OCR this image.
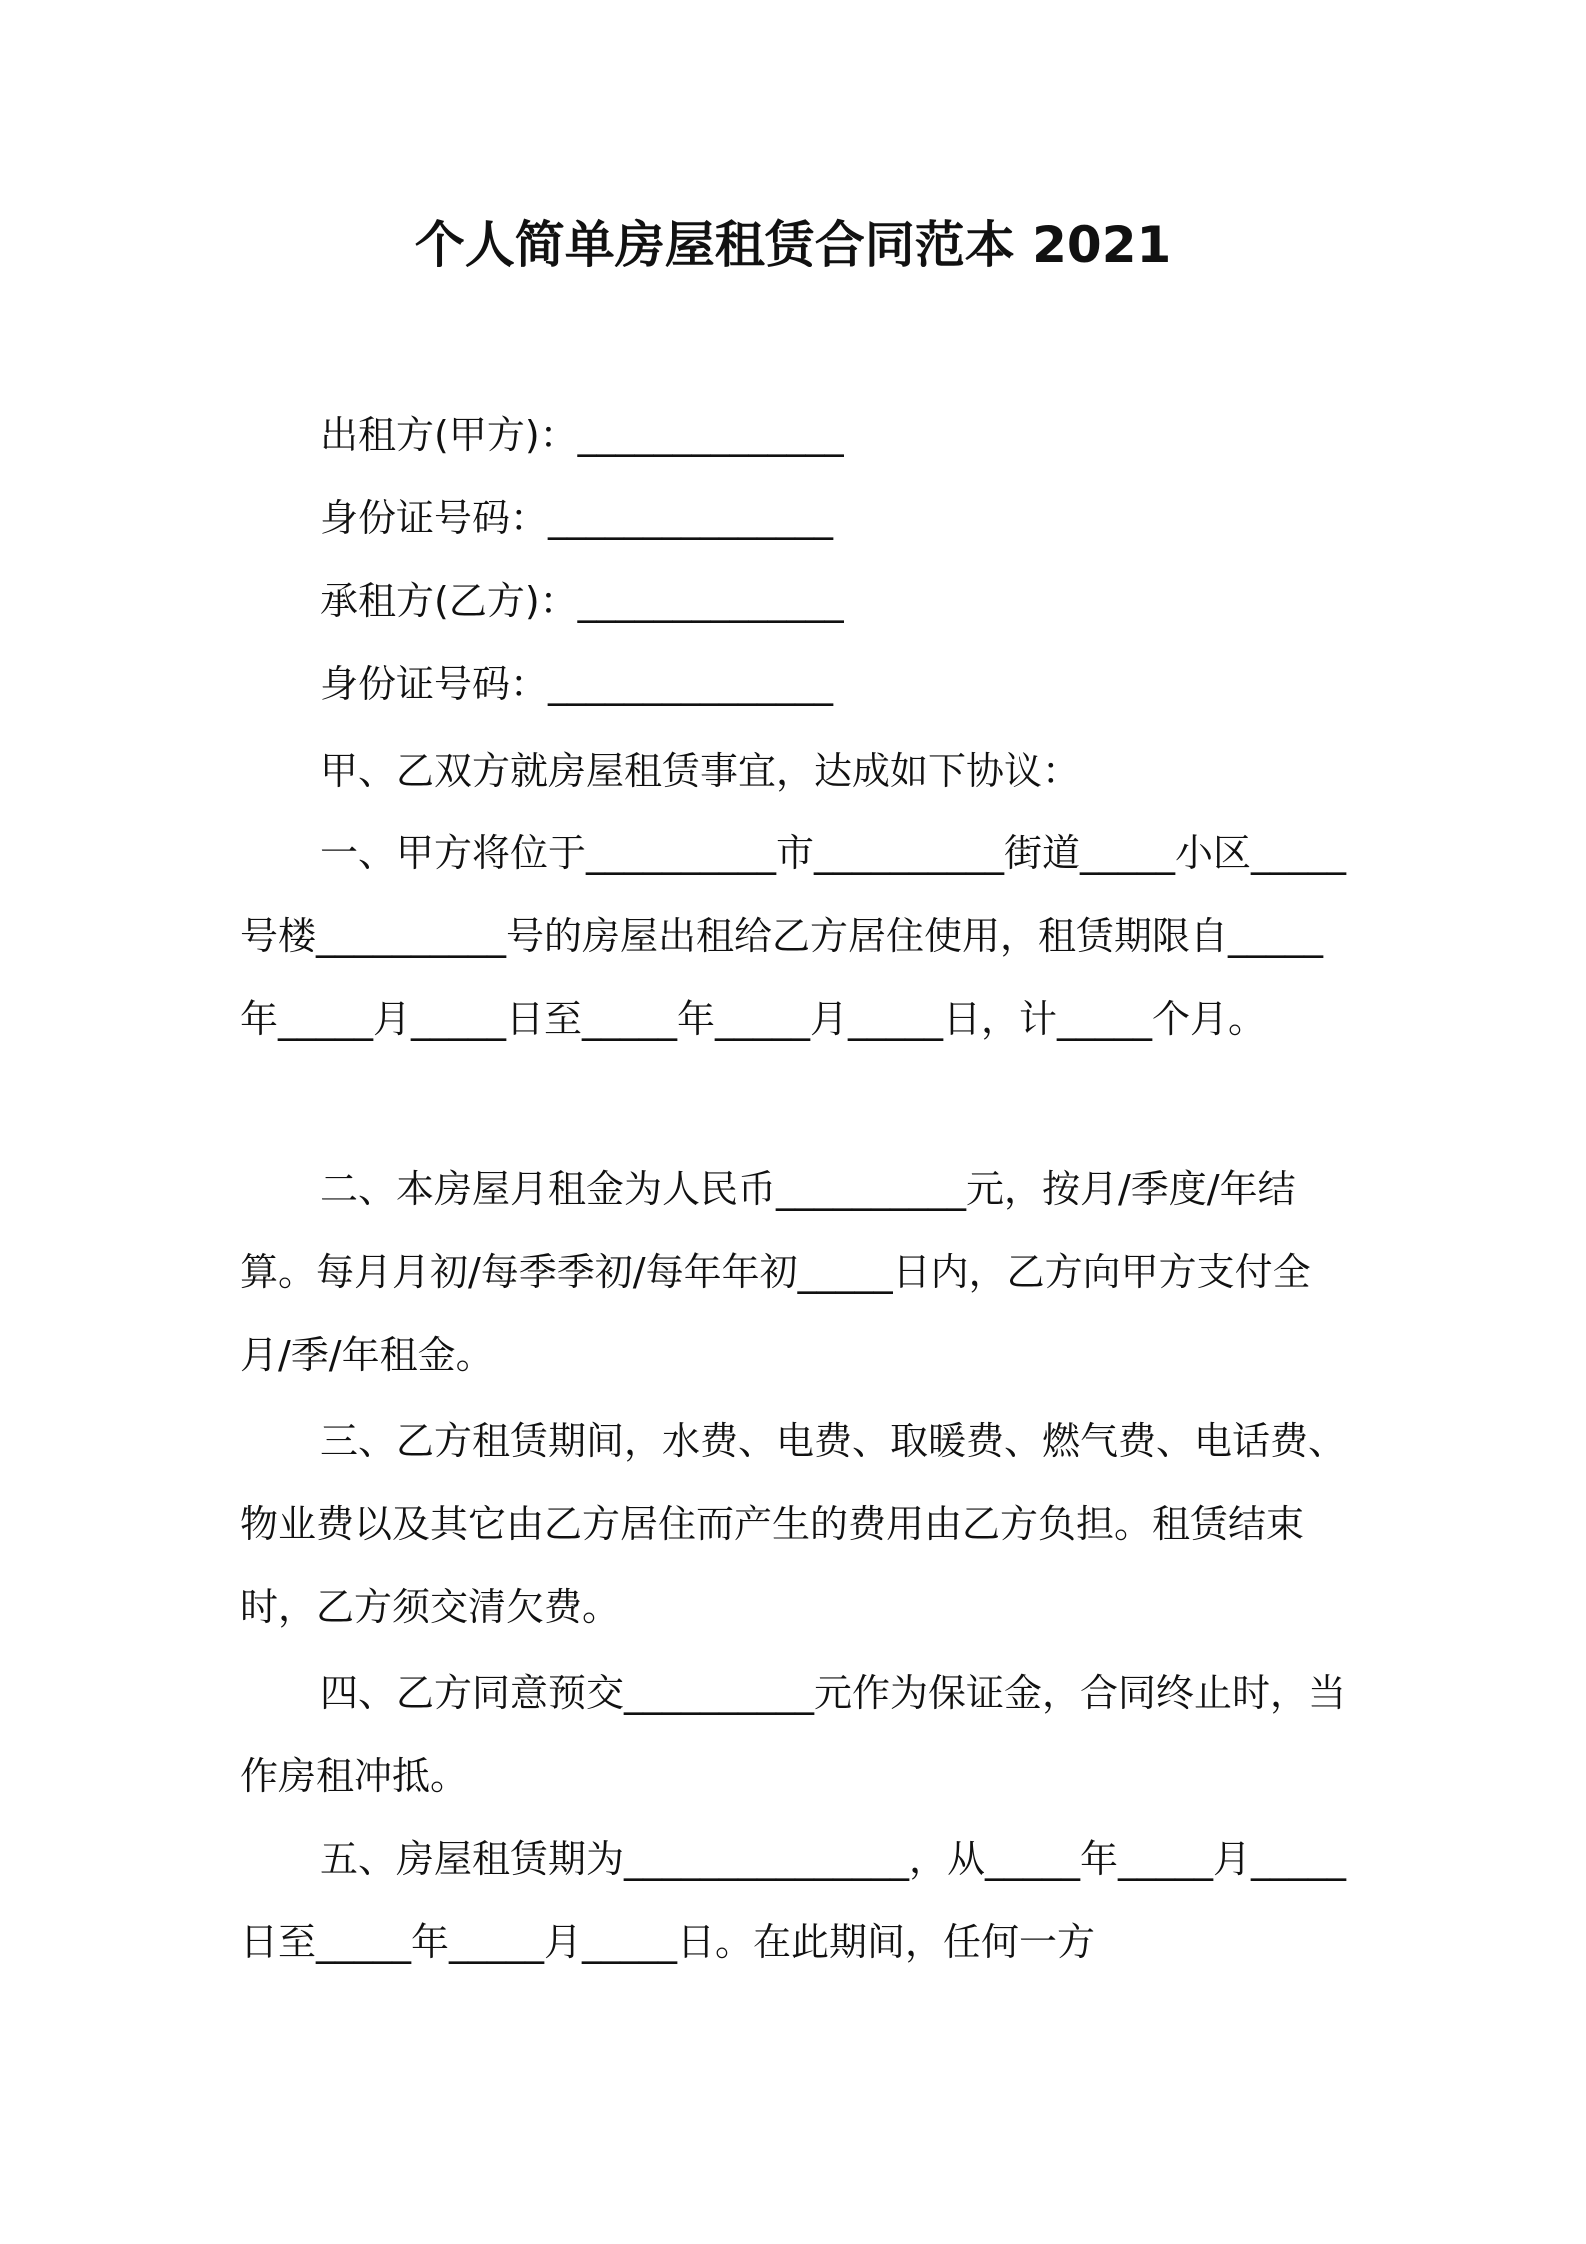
个人简单房屋租赁合同范本 2021
出租方(甲方)：______________
身份证号码：_______________
承租方(乙方)：______________
身份证号码：_______________

甲、乙双方就房屋租赁事宜，达成如下协议：

一、甲方将位于__________市__________街道_____小区_____号楼__________号的房屋出租给乙方居住使用，租赁期限自_____年_____月_____日至_____年_____月_____日，计_____个月。

二、本房屋月租金为人民币__________元，按月/季度/年结算。每月月初/每季季初/每年年初_____日内，乙方向甲方支付全月/季/年租金。

三、乙方租赁期间，水费、电费、取暖费、燃气费、电话费、物业费以及其它由乙方居住而产生的费用由乙方负担。租赁结束时，乙方须交清欠费。

四、乙方同意预交__________元作为保证金，合同终止时，当作房租冲抵。

五、房屋租赁期为_______________，从_____年_____月_____日至_____年_____月_____日。在此期间，任何一方
